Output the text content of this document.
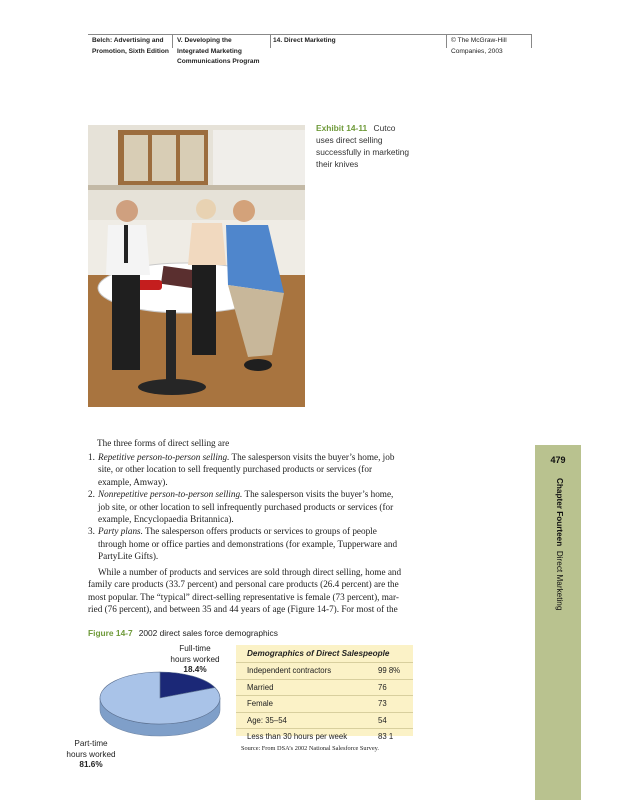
Belch: Advertising and
Promotion, Sixth Edition
V. Developing the
Integrated Marketing
Communications Program
14. Direct Marketing	© The McGraw-Hill
Companies, 2003
Exhibit 14-11 Cutco
uses direct selling
successfully in marketing
their knives
The three forms of direct selling are
1. Repetitive person-to-person selling. The salesperson visits the buyer’s home, job
site, or other location to sell frequently purchased products or services (for
example, Amway).
2. Nonrepetitive person-to-person selling. The salesperson visits the buyer’s home,
job site, or other location to sell infrequently purchased products or services (for
example, Encyclopaedia Britannica).
3. Party plans. The salesperson offers products or services to groups of people
through home or office parties and demonstrations (for example, Tupperware and
PartyLite Gifts).
While a number of products and services are sold through direct selling, home and
family care products (33.7 percent) and personal care products (26.4 percent) are the
most popular. The “typical” direct-selling representative is female (73 percent), mar-
ried (76 percent), and between 35 and 44 years of age (Figure 14-7). For most of the
479
Chapter Fourteen  Direct Marketing
Figure 14-7 2002 direct sales force demographics
Full-time
hours worked
18.4%
Part-time
hours worked
81.6%
Demographics of Direct Salespeople
Independent contractors	99 8%
Married	76
Female	73
Age: 35–54	54
Less than 30 hours per week	83 1
Source: From DSA’s 2002 National Salesforce Survey.
